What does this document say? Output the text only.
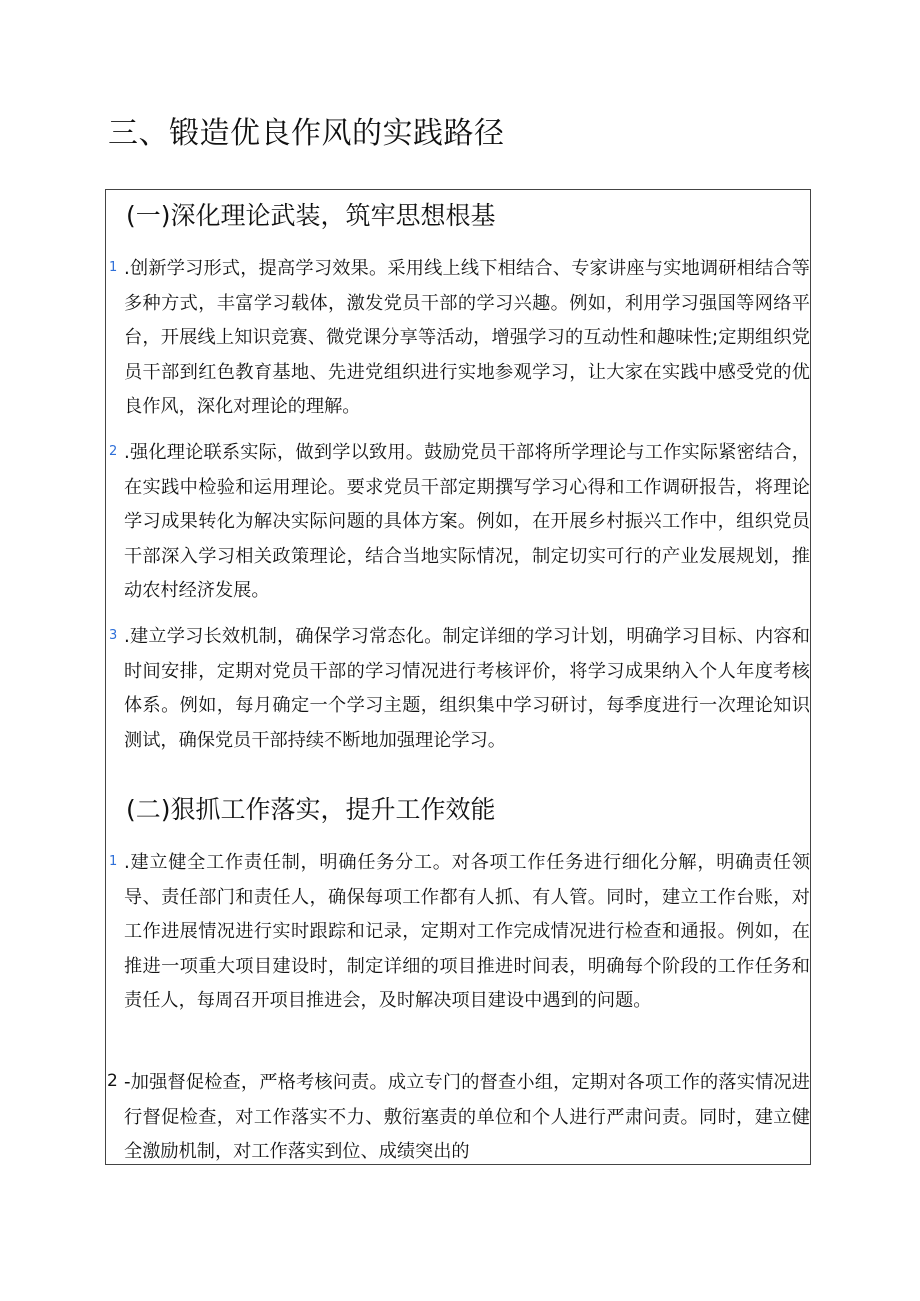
三、锻造优良作风的实践路径
(一)深化理论武装，筑牢思想根基
1 .创新学习形式，提高学习效果。采用线上线下相结合、专家讲座与实地调研相结合等多种方式，丰富学习载体，激发党员干部的学习兴趣。例如，利用学习强国等网络平台，开展线上知识竞赛、微党课分享等活动，增强学习的互动性和趣味性;定期组织党员干部到红色教育基地、先进党组织进行实地参观学习，让大家在实践中感受党的优良作风，深化对理论的理解。

2 .强化理论联系实际，做到学以致用。鼓励党员干部将所学理论与工作实际紧密结合，在实践中检验和运用理论。要求党员干部定期撰写学习心得和工作调研报告，将理论学习成果转化为解决实际问题的具体方案。例如，在开展乡村振兴工作中，组织党员干部深入学习相关政策理论，结合当地实际情况，制定切实可行的产业发展规划，推动农村经济发展。

3 .建立学习长效机制，确保学习常态化。制定详细的学习计划，明确学习目标、内容和时间安排，定期对党员干部的学习情况进行考核评价，将学习成果纳入个人年度考核体系。例如，每月确定一个学习主题，组织集中学习研讨，每季度进行一次理论知识测试，确保党员干部持续不断地加强理论学习。

(二)狠抓工作落实，提升工作效能
1 .建立健全工作责任制，明确任务分工。对各项工作任务进行细化分解，明确责任领导、责任部门和责任人，确保每项工作都有人抓、有人管。同时，建立工作台账，对工作进展情况进行实时跟踪和记录，定期对工作完成情况进行检查和通报。例如，在推进一项重大项目建设时，制定详细的项目推进时间表，明确每个阶段的工作任务和责任人，每周召开项目推进会，及时解决项目建设中遇到的问题。

2 -加强督促检查，严格考核问责。成立专门的督查小组，定期对各项工作的落实情况进行督促检查，对工作落实不力、敷衍塞责的单位和个人进行严肃问责。同时，建立健全激励机制，对工作落实到位、成绩突出的
